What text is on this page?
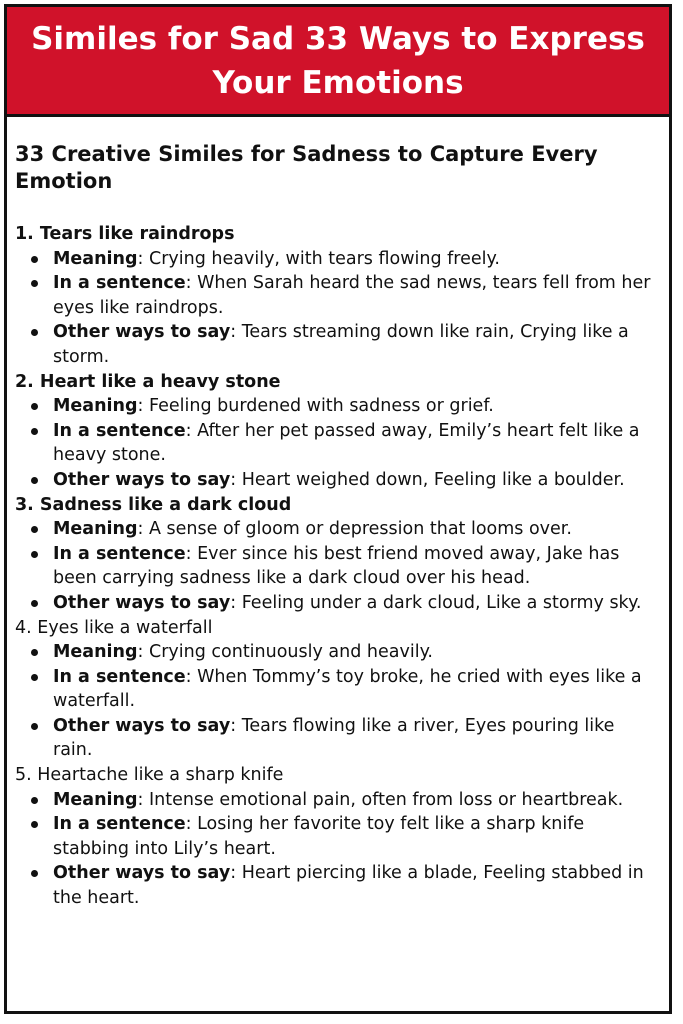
Similes for Sad 33 Ways to Express Your Emotions
33 Creative Similes for Sadness to Capture Every Emotion
1. Tears like raindrops
Meaning: Crying heavily, with tears flowing freely.
In a sentence: When Sarah heard the sad news, tears fell from her eyes like raindrops.
Other ways to say: Tears streaming down like rain, Crying like a storm.
2. Heart like a heavy stone
Meaning: Feeling burdened with sadness or grief.
In a sentence: After her pet passed away, Emily’s heart felt like a heavy stone.
Other ways to say: Heart weighed down, Feeling like a boulder.
3. Sadness like a dark cloud
Meaning: A sense of gloom or depression that looms over.
In a sentence: Ever since his best friend moved away, Jake has been carrying sadness like a dark cloud over his head.
Other ways to say: Feeling under a dark cloud, Like a stormy sky.
4. Eyes like a waterfall
Meaning: Crying continuously and heavily.
In a sentence: When Tommy’s toy broke, he cried with eyes like a waterfall.
Other ways to say: Tears flowing like a river, Eyes pouring like rain.
5. Heartache like a sharp knife
Meaning: Intense emotional pain, often from loss or heartbreak.
In a sentence: Losing her favorite toy felt like a sharp knife stabbing into Lily’s heart.
Other ways to say: Heart piercing like a blade, Feeling stabbed in the heart.
